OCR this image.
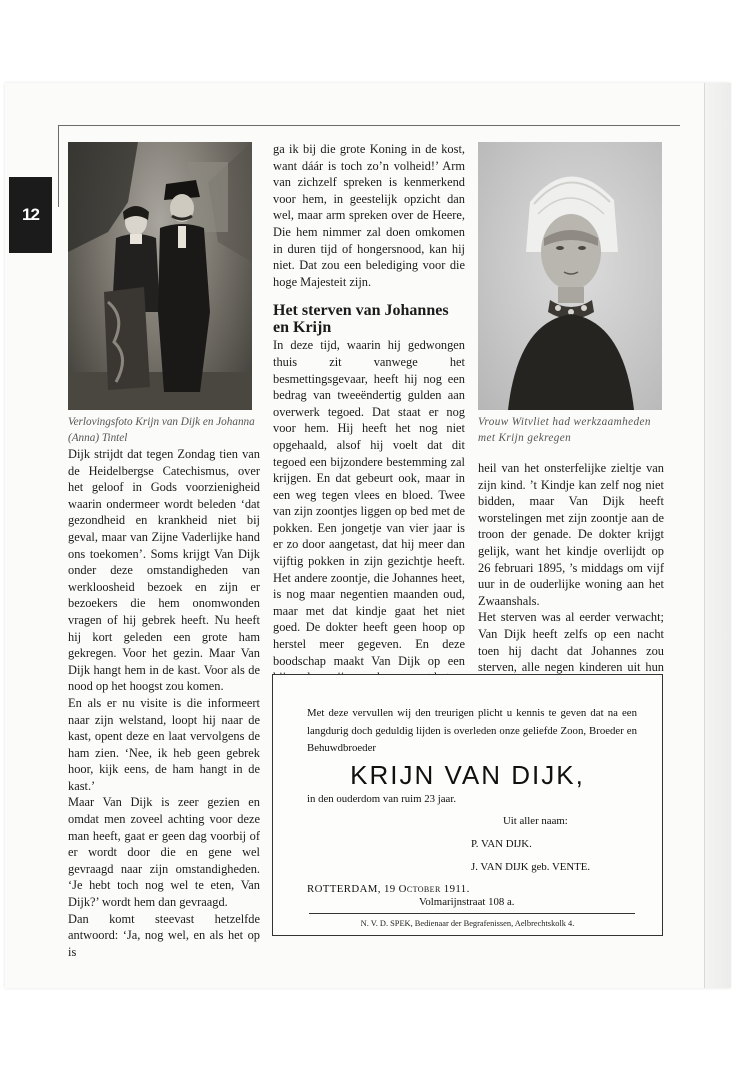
12
Verlovingsfoto Krijn van Dijk en Johanna (Anna) Tintel
Vrouw Witvliet had werkzaamheden met Krijn gekregen

Dijk strijdt dat tegen Zondag tien van de Heidelbergse Catechismus, over het geloof in Gods voorzienigheid waarin ondermeer wordt beleden ‘dat gezondheid en krankheid niet bij geval, maar van Zijne Vaderlijke hand ons toekomen’. Soms krijgt Van Dijk onder deze omstandigheden van werkloosheid bezoek en zijn er bezoekers die hem onomwonden vragen of hij gebrek heeft. Nu heeft hij kort geleden een grote ham gekregen. Voor het gezin. Maar Van Dijk hangt hem in de kast. Voor als de nood op het hoogst zou komen.

En als er nu visite is die informeert naar zijn welstand, loopt hij naar de kast, opent deze en laat vervolgens de ham zien. ‘Nee, ik heb geen gebrek hoor, kijk eens, de ham hangt in de kast.’

Maar Van Dijk is zeer gezien en omdat men zoveel achting voor deze man heeft, gaat er geen dag voorbij of er wordt door die en gene wel gevraagd naar zijn omstandigheden. ‘Je hebt toch nog wel te eten, Van Dijk?’ wordt hem dan gevraagd.

Dan komt steevast hetzelfde antwoord: ‘Ja, nog wel, en als het op is

ga ik bij die grote Koning in de kost, want dáár is toch zo’n volheid!’ Arm van zichzelf spreken is kenmerkend voor hem, in geestelijk opzicht dan wel, maar arm spreken over de Heere, Die hem nimmer zal doen omkomen in duren tijd of hongersnood, kan hij niet. Dat zou een belediging voor die hoge Majesteit zijn.

Het sterven van Johannes en Krijn

In deze tijd, waarin hij gedwongen thuis zit vanwege het besmettingsgevaar, heeft hij nog een bedrag van tweeëndertig gulden aan overwerk tegoed. Dat staat er nog voor hem. Hij heeft het nog niet opgehaald, alsof hij voelt dat dit tegoed een bijzondere bestemming zal krijgen. En dat gebeurt ook, maar in een weg tegen vlees en bloed. Twee van zijn zoontjes liggen op bed met de pokken. Een jongetje van vier jaar is er zo door aangetast, dat hij meer dan vijftig pokken in zijn gezichtje heeft. Het andere zoontje, die Johannes heet, is nog maar negentien maanden oud, maar met dat kindje gaat het niet goed. De dokter heeft geen hoop op herstel meer gegeven. En deze boodschap maakt Van Dijk op een

heil van het onsterfelijke zieltje van zijn kind. ’t Kindje kan zelf nog niet bidden, maar Van Dijk heeft worstelingen met zijn zoontje aan de troon der genade. De dokter krijgt gelijk, want het kindje overlijdt op 26 februari 1895, ’s middags om vijf uur in de ouderlijke woning aan het Zwaanshals.

Het sterven was al eerder verwacht; Van Dijk heeft zelfs op een nacht toen hij dacht dat Johannes zou sterven, alle negen kinderen uit hun

Met deze vervullen wij den treurigen plicht u kennis te geven dat na een langdurig doch geduldig lijden is overleden onze geliefde Zoon, Broeder en Behuwdbroeder
KRIJN VAN DIJK,
in den ouderdom van ruim 23 jaar.
Uit aller naam:
P. VAN DIJK.
J. VAN DIJK geb. VENTE.
ROTTERDAM, 19 October 1911.
Volmarijnstraat 108 a.
N. V. D. SPEK, Bedienaar der Begrafenissen, Aelbrechtskolk 4.
